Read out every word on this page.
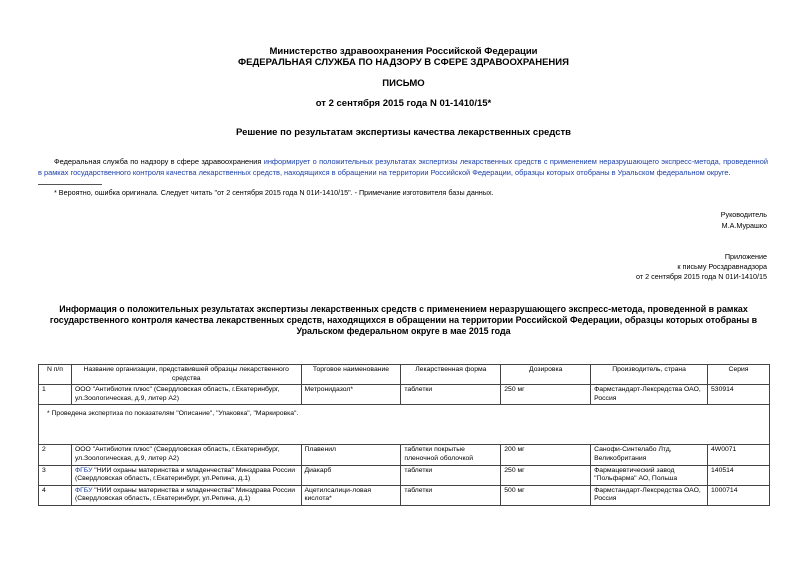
Министерство здравоохранения Российской Федерации
ФЕДЕРАЛЬНАЯ СЛУЖБА ПО НАДЗОРУ В СФЕРЕ ЗДРАВООХРАНЕНИЯ
ПИСЬМО
от 2 сентября 2015 года N 01-1410/15*
Решение по результатам экспертизы качества лекарственных средств
Федеральная служба по надзору в сфере здравоохранения информирует о положительных результатах экспертизы лекарственных средств с применением неразрушающего экспресс-метода, проведенной в рамках государственного контроля качества лекарственных средств, находящихся в обращении на территории Российской Федерации, образцы которых отобраны в Уральском федеральном округе.
* Вероятно, ошибка оригинала. Следует читать "от 2 сентября 2015 года N 01И-1410/15". - Примечание изготовителя базы данных.
Руководитель
М.А.Мурашко
Приложение
к письму Росздравнадзора
от 2 сентября 2015 года N 01И-1410/15
Информация о положительных результатах экспертизы лекарственных средств с применением неразрушающего экспресс-метода, проведенной в рамках
государственного контроля качества лекарственных средств, находящихся в обращении на территории Российской Федерации, образцы которых отобраны в
Уральском федеральном округе в мае 2015 года
N п/п	Название организации, представившей образцы лекарственного средства	Торговое наименование	Лекарственная форма	Дозировка	Производитель, страна	Серия
1	ООО "Антибиотик плюс" (Свердловская область, г.Екатеринбург, ул.Зоологическая, д.9, литер А2)	Метронидазол*	таблетки	250 мг	Фармстандарт-Лексредства ОАО, Россия	530914
* Проведена экспертиза по показателям "Описание", "Упаковка", "Маркировка".						
2	ООО "Антибиотик плюс" (Свердловская область, г.Екатеринбург, ул.Зоологическая, д.9, литер А2)	Плавенил	таблетки покрытые пленочной оболочкой	200 мг	Санофи-Синтелабо Лтд, Великобритания	4W0071
3	ФГБУ "НИИ охраны материнства и младенчества" Минздрава России (Свердловская область, г.Екатеринбург, ул.Репина, д.1)	Диакарб	таблетки	250 мг	Фармацевтический завод "Польфарма" АО, Польша	140514
4	ФГБУ "НИИ охраны материнства и младенчества" Минздрава России (Свердловская область, г.Екатеринбург, ул.Репина, д.1)	Ацетилсалици-ловая кислота*	таблетки	500 мг	Фармстандарт-Лексредства ОАО, Россия	1000714
